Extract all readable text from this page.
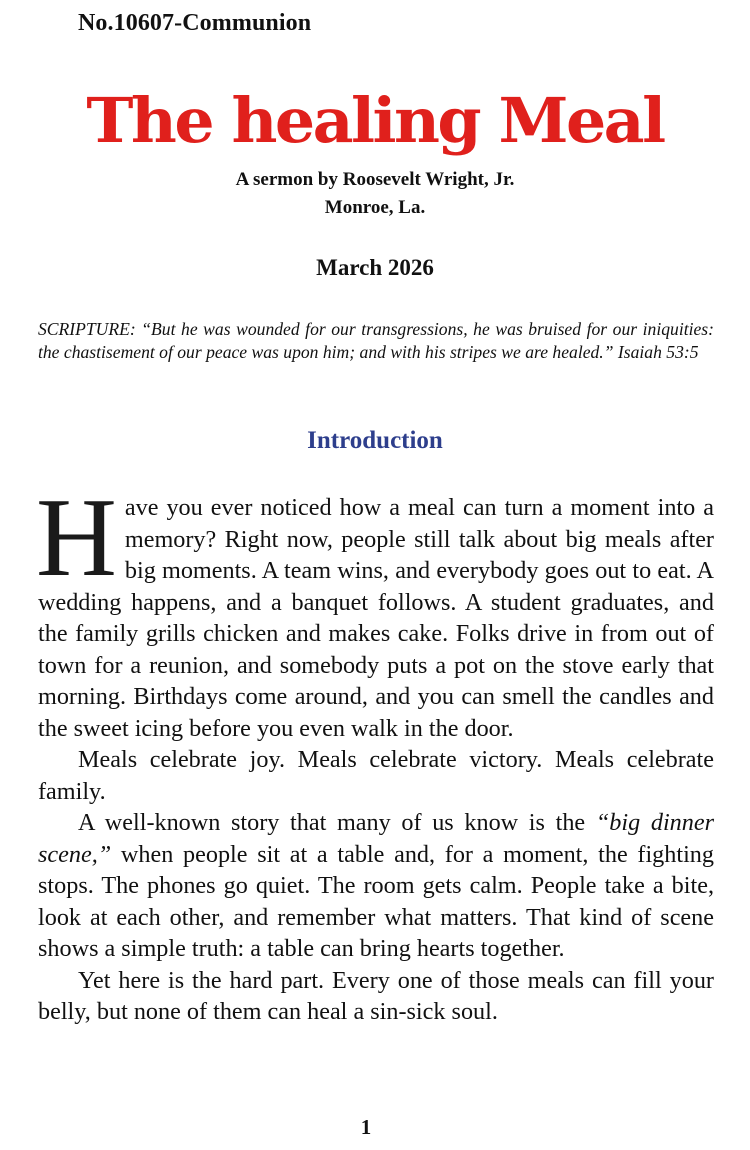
No.10607-Communion
The healing Meal
A sermon by Roosevelt Wright, Jr.
Monroe, La.
March 2026
SCRIPTURE: “But he was wounded for our transgressions, he was bruised for our iniquities: the chastisement of our peace was upon him; and with his stripes we are healed.” Isaiah 53:5
Introduction

Have you ever noticed how a meal can turn a moment into a memory? Right now, people still talk about big meals after big moments. A team wins, and everybody goes out to eat. A wedding happens, and a banquet follows. A student graduates, and the family grills chicken and makes cake. Folks drive in from out of town for a reunion, and somebody puts a pot on the stove early that morning. Birthdays come around, and you can smell the candles and the sweet icing before you even walk in the door.

Meals celebrate joy. Meals celebrate victory. Meals celebrate family.

A well-known story that many of us know is the “big dinner scene,” when people sit at a table and, for a moment, the fighting stops. The phones go quiet. The room gets calm. People take a bite, look at each other, and remember what matters. That kind of scene shows a simple truth: a table can bring hearts together.

Yet here is the hard part. Every one of those meals can fill your belly, but none of them can heal a sin-sick soul.

1
